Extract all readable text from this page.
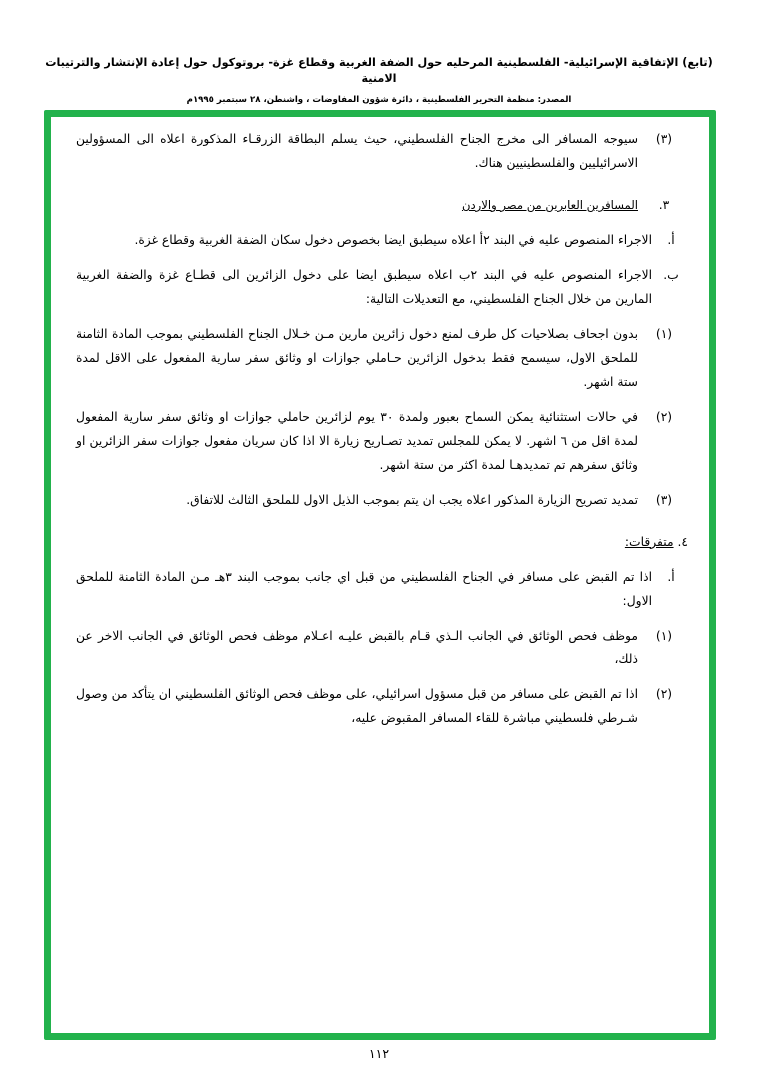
(تابع) الإتفاقية الإسرائيلية- الفلسطينية المرحليه حول الضفة الغربية وقطاع غزة- بروتوكول حول إعادة الإنتشار والترتيبات الامنية
المصدر: منظمة التحرير الفلسطينية ، دائرة شؤون المفاوضات ، واشنطن، ٢٨ سبتمبر ١٩٩٥م
(٣)
سيوجه المسافر الى مخرج الجناح الفلسطيني، حيث يسلم البطاقة الزرقـاء المذكورة اعلاه الى المسؤولين الاسرائيليين والفلسطينيين هناك.
٣.
المسافرين العابرين من مصر والاردن
أ.
الاجراء المنصوص عليه في البند ٢أ اعلاه سيطبق ايضا بخصوص دخول سكان الضفة الغربية وقطاع غزة.
ب.
الاجراء المنصوص عليه في البند ٢ب اعلاه سيطبق ايضا على دخول الزائرين الى قطـاع غزة والضفة الغربية المارين من خلال الجناح الفلسطيني، مع التعديلات التالية:
(١)
بدون اجحاف بصلاحيات كل طرف لمنع دخول زائرين مارين مـن خـلال الجناح الفلسطيني بموجب المادة الثامنة للملحق الاول، سيسمح فقط بدخول الزائرين حـاملي جوازات او وثائق سفر سارية المفعول على الاقل لمدة ستة اشهر.
(٢)
في حالات استثنائية يمكن السماح بعبور ولمدة ٣٠ يوم لزائرين حاملي جوازات او وثائق سفر سارية المفعول لمدة اقل من ٦ اشهر. لا يمكن للمجلس تمديد تصـاريح زيارة الا اذا كان سريان مفعول جوازات سفر الزائرين او وثائق سفرهم تم تمديدهـا لمدة اكثر من ستة اشهر.
(٣)
تمديد تصريح الزيارة المذكور اعلاه يجب ان يتم بموجب الذيل الاول للملحق الثالث للاتفاق.
٤. متفرقات:
أ.
اذا تم القبض على مسافر في الجناح الفلسطيني من قبل اي جانب بموجب البند ٣هـ مـن المادة الثامنة للملحق الاول:
(١)
موظف فحص الوثائق في الجانب الـذي قـام بالقبض عليـه اعـلام موظف فحص الوثائق في الجانب الاخر عن ذلك،
(٢)
اذا تم القبض على مسافر من قبل مسؤول اسرائيلي، على موظف فحص الوثائق الفلسطيني ان يتأكد من وصول شـرطي فلسطيني مباشرة للقاء المسافر المقبوض عليه،
١١٢
